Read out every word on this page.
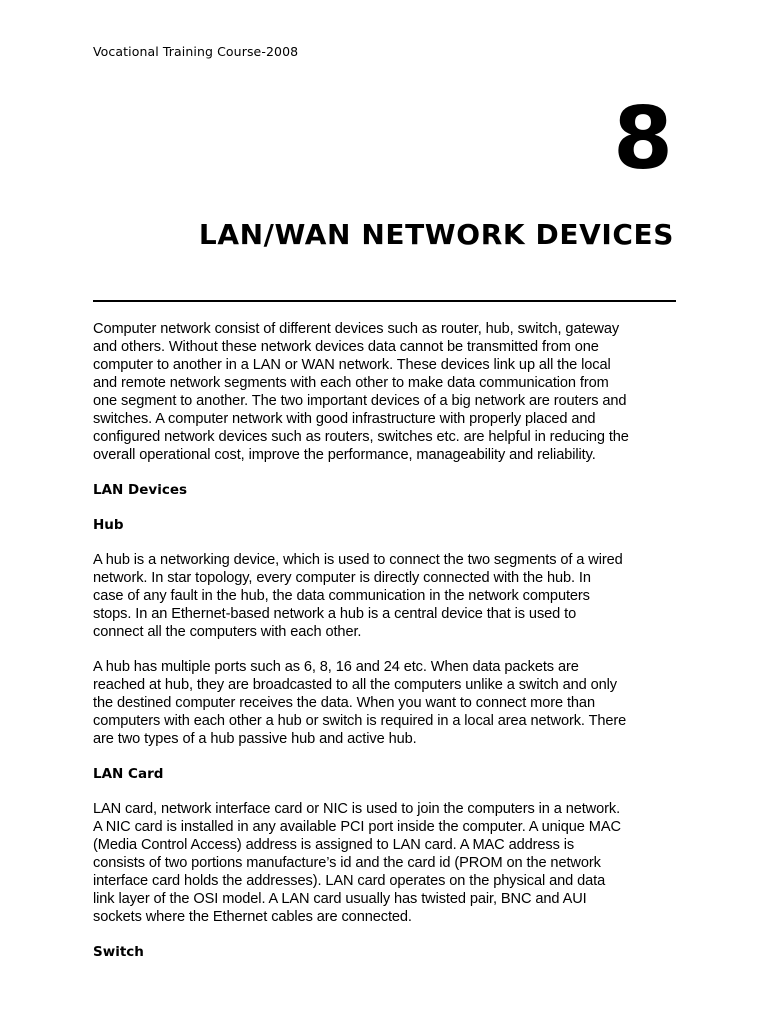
Vocational Training Course-2008
8
LAN/WAN NETWORK DEVICES

Computer network consist of different devices such as router, hub, switch, gateway
and others. Without these network devices data cannot be transmitted from one
computer to another in a LAN or WAN network. These devices link up all the local
and remote network segments with each other to make data communication from
one segment to another. The two important devices of a big network are routers and
switches. A computer network with good infrastructure with properly placed and
configured network devices such as routers, switches etc. are helpful in reducing the
overall operational cost, improve the performance, manageability and reliability.

LAN Devices
Hub

A hub is a networking device, which is used to connect the two segments of a wired
network. In star topology, every computer is directly connected with the hub. In
case of any fault in the hub, the data communication in the network computers
stops. In an Ethernet-based network a hub is a central device that is used to
connect all the computers with each other.

A hub has multiple ports such as 6, 8, 16 and 24 etc. When data packets are
reached at hub, they are broadcasted to all the computers unlike a switch and only
the destined computer receives the data. When you want to connect more than
computers with each other a hub or switch is required in a local area network. There
are two types of a hub passive hub and active hub.

LAN Card

LAN card, network interface card or NIC is used to join the computers in a network.
A NIC card is installed in any available PCI port inside the computer. A unique MAC
(Media Control Access) address is assigned to LAN card. A MAC address is
consists of two portions manufacture’s id and the card id (PROM on the network
interface card holds the addresses). LAN card operates on the physical and data
link layer of the OSI model. A LAN card usually has twisted pair, BNC and AUI
sockets where the Ethernet cables are connected.

Switch
